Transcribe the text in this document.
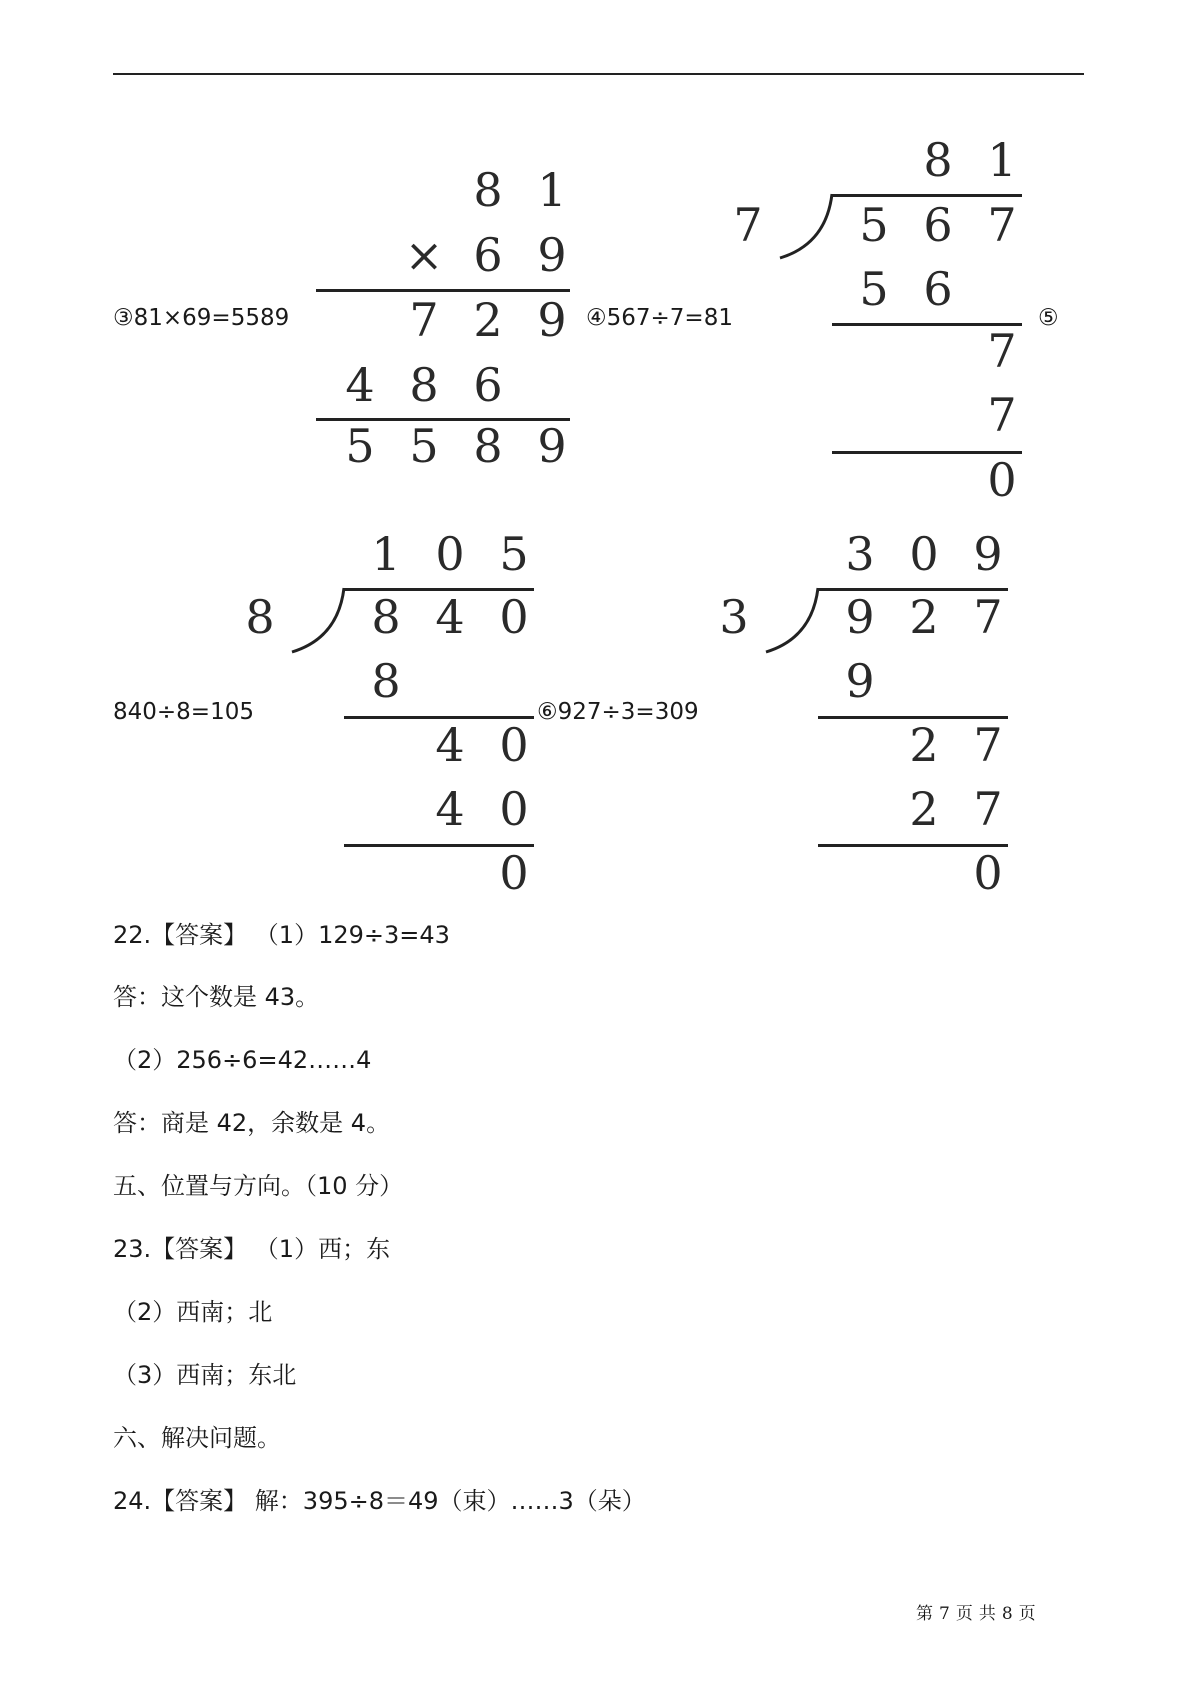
③81×69=5589	④567÷7=81	⑤
840÷8=105	⑥927÷3=309
8 1
× 6 9
7 2 9
4 8 6
5 5 8 9
8 1
7 5 6 7
5 6
7
7
0
1 0 5
8 8 4 0
8
4 0
4 0
0
3 0 9
3 9 2 7
9
2 7
2 7
0
22.【答案】 （1）129÷3=43
答：这个数是 43。
（2）256÷6=42……4
答：商是 42，余数是 4。
五、位置与方向。（10 分）
23.【答案】 （1）西；东
（2）西南；北
（3）西南；东北
六、解决问题。
24.【答案】 解：395÷8＝49（束）……3（朵）
第 7 页 共 8 页
